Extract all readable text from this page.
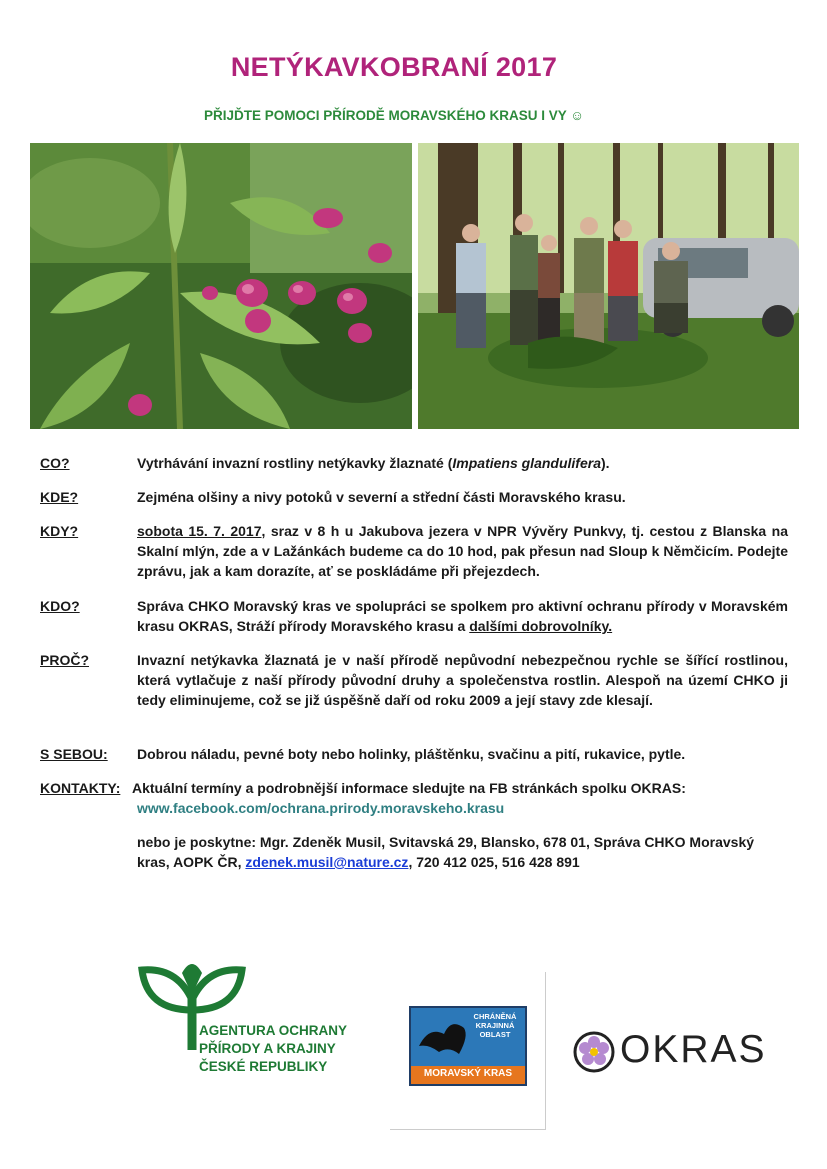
NETÝKAVKOBRANÍ 2017
PŘIJĎTE POMOCI PŘÍRODĚ MORAVSKÉHO KRASU I VY ☺
CO?	Vytrhávání invazní rostliny netýkavky žlaznaté (Impatiens glandulifera).
KDE?	Zejména olšiny a nivy potoků v severní a střední části Moravského krasu.
KDY?	sobota 15. 7. 2017, sraz v 8 h u Jakubova jezera v NPR Vývěry Punkvy, tj. cestou z Blanska na Skalní mlýn, zde a v Lažánkách budeme ca do 10 hod, pak přesun nad Sloup k Němčicím. Podejte zprávu, jak a kam dorazíte, ať se poskládáme při přejezdech.
KDO?	Správa CHKO Moravský kras ve spolupráci se spolkem pro aktivní ochranu přírody v Moravském krasu OKRAS, Stráží přírody Moravského krasu a dalšími dobrovolníky.
PROČ?	Invazní netýkavka žlaznatá je v naší přírodě nepůvodní nebezpečnou rychle se šířící rostlinou, která vytlačuje z naší přírody původní druhy a společenstva rostlin. Alespoň na území CHKO ji tedy eliminujeme, což se již úspěšně daří od roku 2009 a její stavy zde klesají.
S SEBOU: Dobrou náladu, pevné boty nebo holinky, pláštěnku, svačinu a pití, rukavice, pytle.
KONTAKTY: Aktuální termíny a podrobnější informace sledujte na FB stránkách spolku OKRAS:
www.facebook.com/ochrana.prirody.moravskeho.krasu
nebo je poskytne: Mgr. Zdeněk Musil, Svitavská 29, Blansko, 678 01, Správa CHKO Moravský kras, AOPK ČR, zdenek.musil@nature.cz, 720 412 025, 516 428 891
AGENTURA OCHRANY
PŘÍRODY A KRAJINY
ČESKÉ REPUBLIKY
CHRÁNĚNÁ
KRAJINNÁ
OBLAST
MORAVSKÝ KRAS
OKRAS
